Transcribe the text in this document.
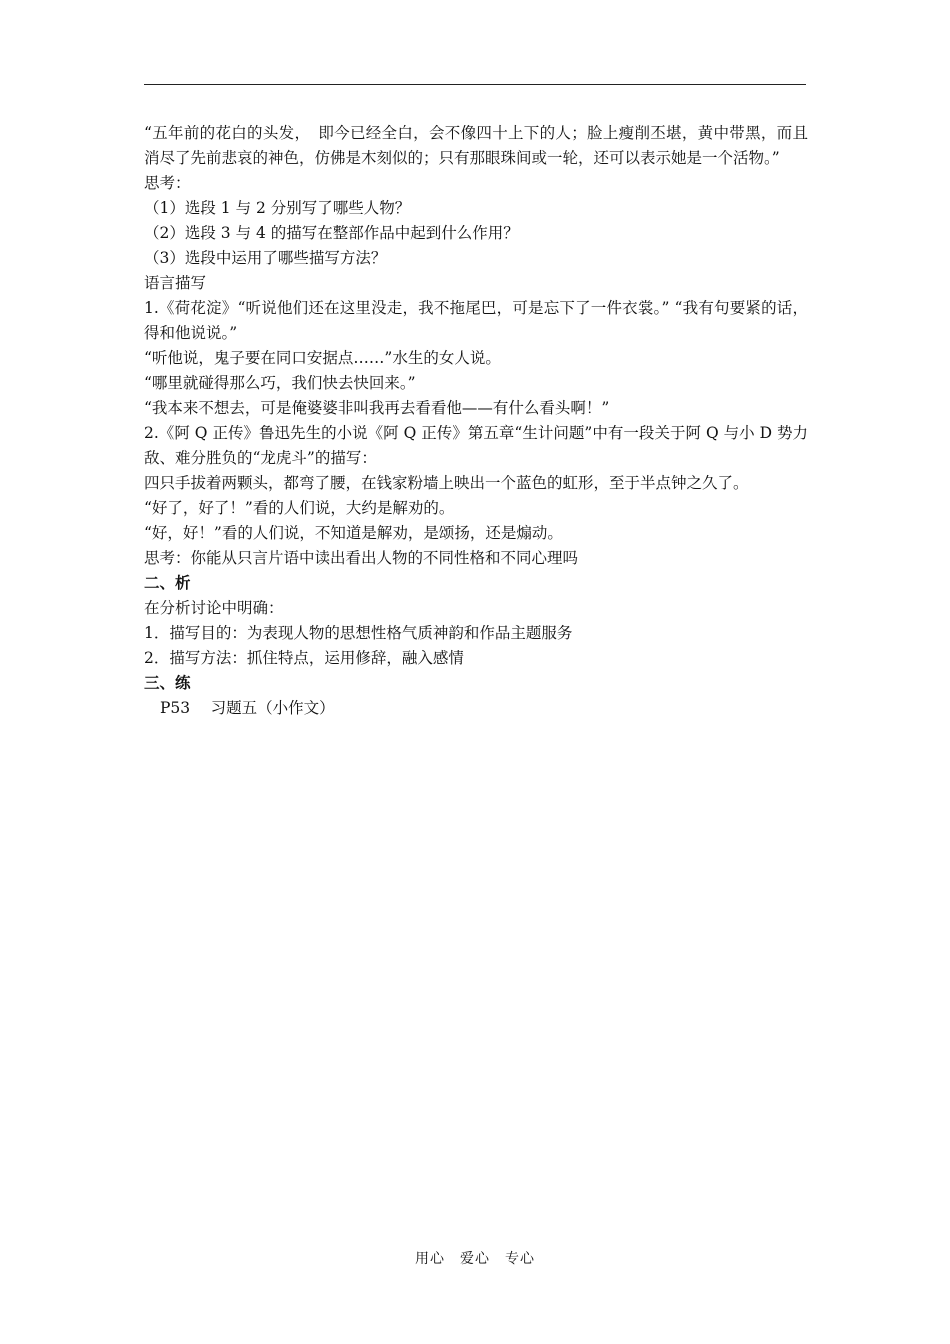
“五年前的花白的头发，　即今已经全白，会不像四十上下的人；脸上瘦削丕堪，黄中带黑，而且消尽了先前悲哀的神色，仿佛是木刻似的；只有那眼珠间或一轮，还可以表示她是一个活物。”
思考：
（1）选段 1 与 2 分别写了哪些人物？
（2）选段 3 与 4 的描写在整部作品中起到什么作用？
（3）选段中运用了哪些描写方法？
语言描写
1.《荷花淀》“听说他们还在这里没走，我不拖尾巴，可是忘下了一件衣裳。” “我有句要紧的话，得和他说说。”
“听他说，鬼子要在同口安据点……”水生的女人说。
“哪里就碰得那么巧，我们快去快回来。”
“我本来不想去，可是俺婆婆非叫我再去看看他——有什么看头啊！”
2.《阿 Q 正传》鲁迅先生的小说《阿 Q 正传》第五章“生计问题”中有一段关于阿 Q 与小 D 势力敌、难分胜负的“龙虎斗”的描写：
四只手拔着两颗头，都弯了腰，在钱家粉墙上映出一个蓝色的虹形，至于半点钟之久了。
“好了，好了！”看的人们说，大约是解劝的。
“好，好！”看的人们说，不知道是解劝，是颂扬，还是煽动。
思考：你能从只言片语中读出看出人物的不同性格和不同心理吗
二、析
在分析讨论中明确：
1．描写目的：为表现人物的思想性格气质神韵和作品主题服务
2．描写方法：抓住特点，运用修辞，融入感情
三、练
P53　 习题五（小作文）
用心　爱心　专心
